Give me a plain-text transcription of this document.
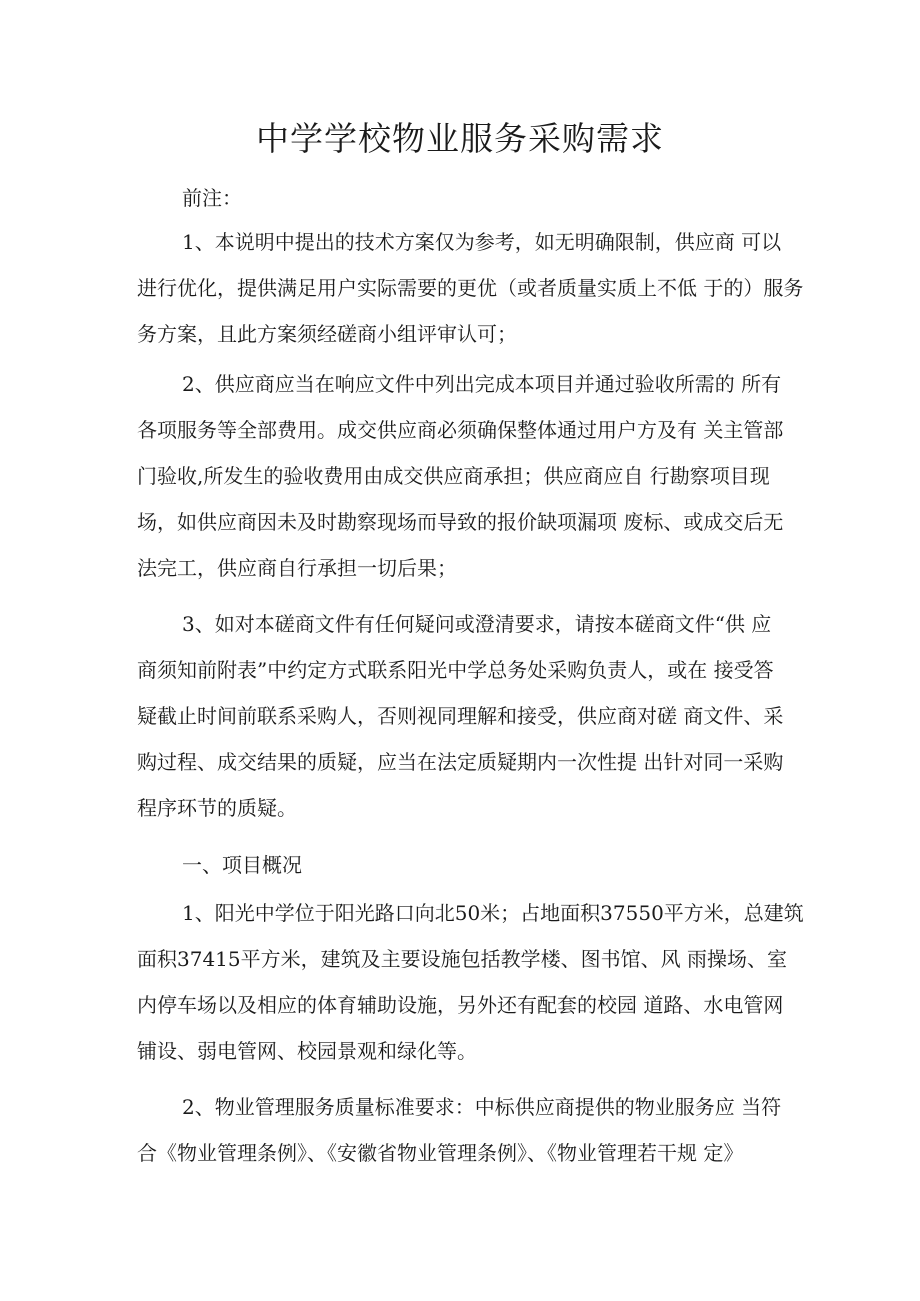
中学学校物业服务采购需求

前注：

1、本说明中提出的技术方案仅为参考，如无明确限制，供应商 可以
进行优化，提供满足用户实际需要的更优（或者质量实质上不低 于的）服务
务方案，且此方案须经磋商小组评审认可；

2、供应商应当在响应文件中列出完成本项目并通过验收所需的 所有
各项服务等全部费用。成交供应商必须确保整体通过用户方及有 关主管部
门验收,所发生的验收费用由成交供应商承担；供应商应自 行勘察项目现
场，如供应商因未及时勘察现场而导致的报价缺项漏项 废标、或成交后无
法完工，供应商自行承担一切后果；

3、如对本磋商文件有任何疑问或澄清要求，请按本磋商文件“供 应
商须知前附表”中约定方式联系阳光中学总务处采购负责人，或在 接受答
疑截止时间前联系采购人，否则视同理解和接受，供应商对磋 商文件、采
购过程、成交结果的质疑，应当在法定质疑期内一次性提 出针对同一采购
程序环节的质疑。

一、项目概况

1、阳光中学位于阳光路口向北50米；占地面积37550平方米，总建筑
面积37415平方米，建筑及主要设施包括教学楼、图书馆、风 雨操场、室
内停车场以及相应的体育辅助设施，另外还有配套的校园 道路、水电管网
铺设、弱电管网、校园景观和绿化等。

2、物业管理服务质量标准要求：中标供应商提供的物业服务应 当符
合《物业管理条例》、《安徽省物业管理条例》、《物业管理若干规 定》
